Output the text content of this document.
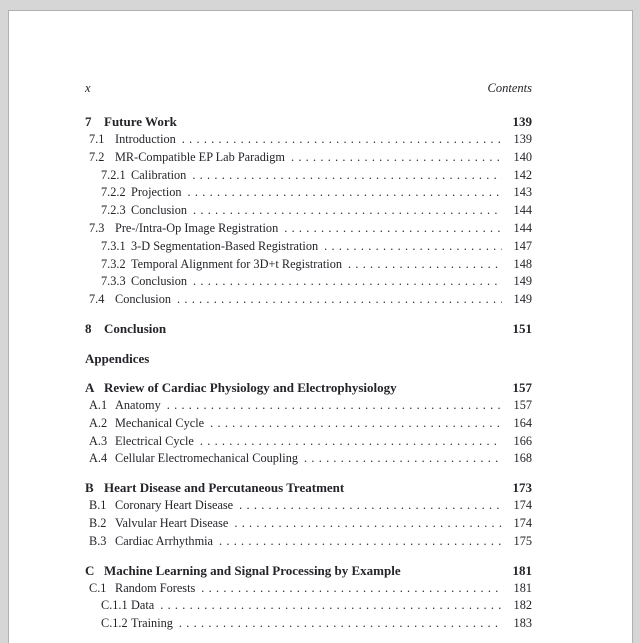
x	Contents
7 Future Work	139
7.1 Introduction . . .	139
7.2 MR-Compatible EP Lab Paradigm . . .	140
7.2.1 Calibration . . .	142
7.2.2 Projection . . .	143
7.2.3 Conclusion . . .	144
7.3 Pre-/Intra-Op Image Registration . . .	144
7.3.1 3-D Segmentation-Based Registration . . .	147
7.3.2 Temporal Alignment for 3D+t Registration . . .	148
7.3.3 Conclusion . . .	149
7.4 Conclusion . . .	149
8 Conclusion	151
Appendices
A Review of Cardiac Physiology and Electrophysiology	157
A.1 Anatomy . . .	157
A.2 Mechanical Cycle . . .	164
A.3 Electrical Cycle . . .	166
A.4 Cellular Electromechanical Coupling . . .	168
B Heart Disease and Percutaneous Treatment	173
B.1 Coronary Heart Disease . . .	174
B.2 Valvular Heart Disease . . .	174
B.3 Cardiac Arrhythmia . . .	175
C Machine Learning and Signal Processing by Example	181
C.1 Random Forests . . .	181
C.1.1 Data . . .	182
C.1.2 Training . . .	183
